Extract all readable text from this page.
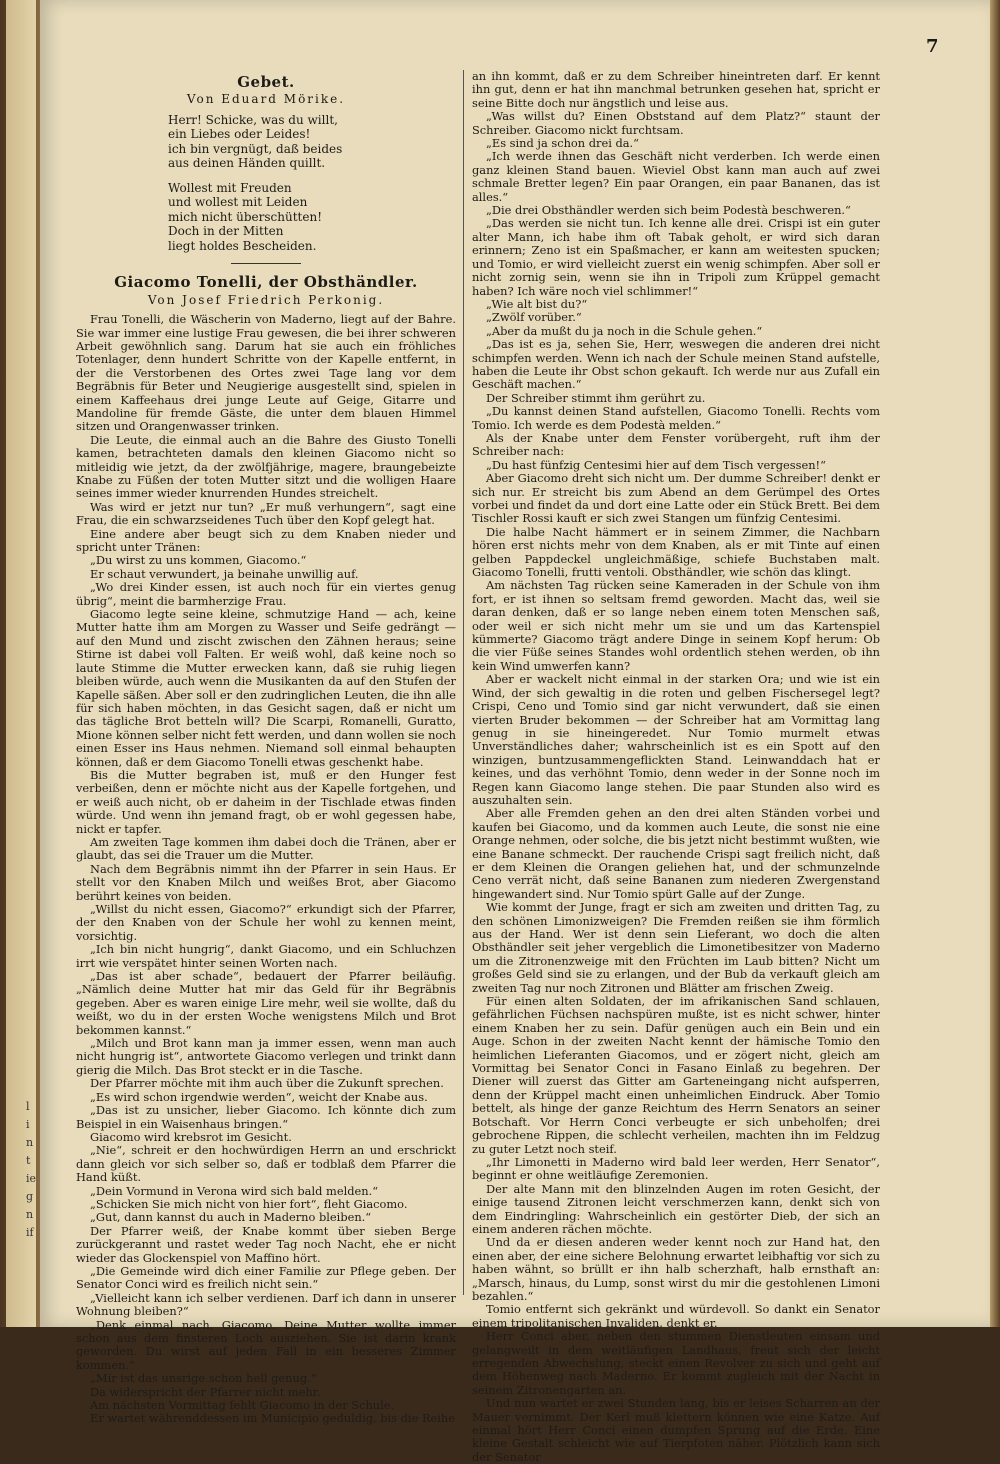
l
i
n
t
ie
g
n
if
7
Gebet.
Von Eduard Mörike.
Herr! Schicke, was du willt,
ein Liebes oder Leides!
ich bin vergnügt, daß beides
aus deinen Händen quillt.
Wollest mit Freuden
und wollest mit Leiden
mich nicht überschütten!
Doch in der Mitten
liegt holdes Bescheiden.
Giacomo Tonelli, der Obsthändler.
Von Josef Friedrich Perkonig.

Frau Tonelli, die Wäscherin von Maderno, liegt auf der Bahre. Sie war immer eine lustige Frau gewesen, die bei ihrer schweren Arbeit gewöhnlich sang. Darum hat sie auch ein fröhliches Totenlager, denn hundert Schritte von der Kapelle entfernt, in der die Verstorbenen des Ortes zwei Tage lang vor dem Begräbnis für Beter und Neugierige ausgestellt sind, spielen in einem Kaffeehaus drei junge Leute auf Geige, Gitarre und Mandoline für fremde Gäste, die unter dem blauen Himmel sitzen und Orangenwasser trinken.

Die Leute, die einmal auch an die Bahre des Giusto Tonelli kamen, betrachteten damals den kleinen Giacomo nicht so mitleidig wie jetzt, da der zwölfjährige, magere, braungebeizte Knabe zu Füßen der toten Mutter sitzt und die wolligen Haare seines immer wieder knurrenden Hundes streichelt.

Was wird er jetzt nur tun? „Er muß verhungern“, sagt eine Frau, die ein schwarzseidenes Tuch über den Kopf gelegt hat.

Eine andere aber beugt sich zu dem Knaben nieder und spricht unter Tränen:

„Du wirst zu uns kommen, Giacomo.“

Er schaut verwundert, ja beinahe unwillig auf.

„Wo drei Kinder essen, ist auch noch für ein viertes genug übrig“, meint die barmherzige Frau.

Giacomo legte seine kleine, schmutzige Hand — ach, keine Mutter hatte ihm am Morgen zu Wasser und Seife gedrängt — auf den Mund und zischt zwischen den Zähnen heraus; seine Stirne ist dabei voll Falten. Er weiß wohl, daß keine noch so laute Stimme die Mutter erwecken kann, daß sie ruhig liegen bleiben würde, auch wenn die Musikanten da auf den Stufen der Kapelle säßen. Aber soll er den zudringlichen Leuten, die ihn alle für sich haben möchten, in das Gesicht sagen, daß er nicht um das tägliche Brot betteln will? Die Scarpi, Romanelli, Guratto, Mione können selber nicht fett werden, und dann wollen sie noch einen Esser ins Haus nehmen. Niemand soll einmal behaupten können, daß er dem Giacomo Tonelli etwas geschenkt habe.

Bis die Mutter begraben ist, muß er den Hunger fest verbeißen, denn er möchte nicht aus der Kapelle fortgehen, und er weiß auch nicht, ob er daheim in der Tischlade etwas finden würde. Und wenn ihn jemand fragt, ob er wohl gegessen habe, nickt er tapfer.

Am zweiten Tage kommen ihm dabei doch die Tränen, aber er glaubt, das sei die Trauer um die Mutter.

Nach dem Begräbnis nimmt ihn der Pfarrer in sein Haus. Er stellt vor den Knaben Milch und weißes Brot, aber Giacomo berührt keines von beiden.

„Willst du nicht essen, Giacomo?“ erkundigt sich der Pfarrer, der den Knaben von der Schule her wohl zu kennen meint, vorsichtig.

„Ich bin nicht hungrig“, dankt Giacomo, und ein Schluchzen irrt wie verspätet hinter seinen Worten nach.

„Das ist aber schade“, bedauert der Pfarrer beiläufig. „Nämlich deine Mutter hat mir das Geld für ihr Begräbnis gegeben. Aber es waren einige Lire mehr, weil sie wollte, daß du weißt, wo du in der ersten Woche wenigstens Milch und Brot bekommen kannst.“

„Milch und Brot kann man ja immer essen, wenn man auch nicht hungrig ist“, antwortete Giacomo verlegen und trinkt dann gierig die Milch. Das Brot steckt er in die Tasche.

Der Pfarrer möchte mit ihm auch über die Zukunft sprechen.

„Es wird schon irgendwie werden“, weicht der Knabe aus.

„Das ist zu unsicher, lieber Giacomo. Ich könnte dich zum Beispiel in ein Waisenhaus bringen.“

Giacomo wird krebsrot im Gesicht.

„Nie“, schreit er den hochwürdigen Herrn an und erschrickt dann gleich vor sich selber so, daß er todblaß dem Pfarrer die Hand küßt.

„Dein Vormund in Verona wird sich bald melden.“

„Schicken Sie mich nicht von hier fort“, fleht Giacomo.

„Gut, dann kannst du auch in Maderno bleiben.“

Der Pfarrer weiß, der Knabe kommt über sieben Berge zurückgerannt und rastet weder Tag noch Nacht, ehe er nicht wieder das Glockenspiel von Maffino hört.

„Die Gemeinde wird dich einer Familie zur Pflege geben. Der Senator Conci wird es freilich nicht sein.“

„Vielleicht kann ich selber verdienen. Darf ich dann in unserer Wohnung bleiben?“

„Denk einmal nach, Giacomo. Deine Mutter wollte immer schon aus dem finsteren Loch ausziehen. Sie ist darin krank geworden. Du wirst auf jeden Fall in ein besseres Zimmer kommen.“

„Mir ist das unsrige schon hell genug.“

Da widerspricht der Pfarrer nicht mehr.

Am nächsten Vormittag fehlt Giacomo in der Schule.

Er wartet währenddessen im Municipio geduldig, bis die Reihe

an ihn kommt, daß er zu dem Schreiber hineintreten darf. Er kennt ihn gut, denn er hat ihn manchmal betrunken gesehen hat, spricht er seine Bitte doch nur ängstlich und leise aus.

„Was willst du? Einen Obststand auf dem Platz?“ staunt der Schreiber. Giacomo nickt furchtsam.

„Es sind ja schon drei da.“

„Ich werde ihnen das Geschäft nicht verderben. Ich werde einen ganz kleinen Stand bauen. Wieviel Obst kann man auch auf zwei schmale Bretter legen? Ein paar Orangen, ein paar Bananen, das ist alles.“

„Die drei Obsthändler werden sich beim Podestà beschweren.“

„Das werden sie nicht tun. Ich kenne alle drei. Crispi ist ein guter alter Mann, ich habe ihm oft Tabak geholt, er wird sich daran erinnern; Zeno ist ein Spaßmacher, er kann am weitesten spucken; und Tomio, er wird vielleicht zuerst ein wenig schimpfen. Aber soll er nicht zornig sein, wenn sie ihn in Tripoli zum Krüppel gemacht haben? Ich wäre noch viel schlimmer!“

„Wie alt bist du?“

„Zwölf vorüber.“

„Aber da mußt du ja noch in die Schule gehen.“

„Das ist es ja, sehen Sie, Herr, weswegen die anderen drei nicht schimpfen werden. Wenn ich nach der Schule meinen Stand aufstelle, haben die Leute ihr Obst schon gekauft. Ich werde nur aus Zufall ein Geschäft machen.“

Der Schreiber stimmt ihm gerührt zu.

„Du kannst deinen Stand aufstellen, Giacomo Tonelli. Rechts vom Tomio. Ich werde es dem Podestà melden.“

Als der Knabe unter dem Fenster vorübergeht, ruft ihm der Schreiber nach:

„Du hast fünfzig Centesimi hier auf dem Tisch vergessen!“

Aber Giacomo dreht sich nicht um. Der dumme Schreiber! denkt er sich nur. Er streicht bis zum Abend an dem Gerümpel des Ortes vorbei und findet da und dort eine Latte oder ein Stück Brett. Bei dem Tischler Rossi kauft er sich zwei Stangen um fünfzig Centesimi.

Die halbe Nacht hämmert er in seinem Zimmer, die Nachbarn hören erst nichts mehr von dem Knaben, als er mit Tinte auf einen gelben Pappdeckel ungleichmäßige, schiefe Buchstaben malt. Giacomo Tonelli, frutti ventoli. Obsthändler, wie schön das klingt.

Am nächsten Tag rücken seine Kameraden in der Schule von ihm fort, er ist ihnen so seltsam fremd geworden. Macht das, weil sie daran denken, daß er so lange neben einem toten Menschen saß, oder weil er sich nicht mehr um sie und um das Kartenspiel kümmerte? Giacomo trägt andere Dinge in seinem Kopf herum: Ob die vier Füße seines Standes wohl ordentlich stehen werden, ob ihn kein Wind umwerfen kann?

Aber er wackelt nicht einmal in der starken Ora; und wie ist ein Wind, der sich gewaltig in die roten und gelben Fischersegel legt? Crispi, Ceno und Tomio sind gar nicht verwundert, daß sie einen vierten Bruder bekommen — der Schreiber hat am Vormittag lang genug in sie hineingeredet. Nur Tomio murmelt etwas Unverständliches daher; wahrscheinlich ist es ein Spott auf den winzigen, buntzusammengeflickten Stand. Leinwanddach hat er keines, und das verhöhnt Tomio, denn weder in der Sonne noch im Regen kann Giacomo lange stehen. Die paar Stunden also wird es auszuhalten sein.

Aber alle Fremden gehen an den drei alten Ständen vorbei und kaufen bei Giacomo, und da kommen auch Leute, die sonst nie eine Orange nehmen, oder solche, die bis jetzt nicht bestimmt wußten, wie eine Banane schmeckt. Der rauchende Crispi sagt freilich nicht, daß er dem Kleinen die Orangen geliehen hat, und der schmunzelnde Ceno verrät nicht, daß seine Bananen zum niederen Zwergenstand hingewandert sind. Nur Tomio spürt Galle auf der Zunge.

Wie kommt der Junge, fragt er sich am zweiten und dritten Tag, zu den schönen Limonizweigen? Die Fremden reißen sie ihm förmlich aus der Hand. Wer ist denn sein Lieferant, wo doch die alten Obsthändler seit jeher vergeblich die Limonetibesitzer von Maderno um die Zitronenzweige mit den Früchten im Laub bitten? Nicht um großes Geld sind sie zu erlangen, und der Bub da verkauft gleich am zweiten Tag nur noch Zitronen und Blätter am frischen Zweig.

Für einen alten Soldaten, der im afrikanischen Sand schlauen, gefährlichen Füchsen nachspüren mußte, ist es nicht schwer, hinter einem Knaben her zu sein. Dafür genügen auch ein Bein und ein Auge. Schon in der zweiten Nacht kennt der hämische Tomio den heimlichen Lieferanten Giacomos, und er zögert nicht, gleich am Vormittag bei Senator Conci in Fasano Einlaß zu begehren. Der Diener will zuerst das Gitter am Garteneingang nicht aufsperren, denn der Krüppel macht einen unheimlichen Eindruck. Aber Tomio bettelt, als hinge der ganze Reichtum des Herrn Senators an seiner Botschaft. Vor Herrn Conci verbeugte er sich unbeholfen; drei gebrochene Rippen, die schlecht verheilen, machten ihn im Feldzug zu guter Letzt noch steif.

„Ihr Limonetti in Maderno wird bald leer werden, Herr Senator“, beginnt er ohne weitläufige Zeremonien.

Der alte Mann mit den blinzelnden Augen im roten Gesicht, der einige tausend Zitronen leicht verschmerzen kann, denkt sich von dem Eindringling: Wahrscheinlich ein gestörter Dieb, der sich an einem anderen rächen möchte.

Und da er diesen anderen weder kennt noch zur Hand hat, den einen aber, der eine sichere Belohnung erwartet leibhaftig vor sich zu haben wähnt, so brüllt er ihn halb scherzhaft, halb ernsthaft an: „Marsch, hinaus, du Lump, sonst wirst du mir die gestohlenen Limoni bezahlen.“

Tomio entfernt sich gekränkt und würdevoll. So dankt ein Senator einem tripolitanischen Invaliden, denkt er.

Herr Conci aber, neben den stummen Dienstleuten einsam und gelangweilt in dem weitläufigen Landhaus, freut sich der leicht erregenden Abwechslung, steckt einen Revolver zu sich und geht auf dem Höhenweg nach Maderno. Er kommt zugleich mit der Nacht in seinem Zitronengarten an.

Und nun wartet er zwei Stunden lang, bis er leises Scharren an der Mauer vernimmt. Der Kerl muß klettern können wie eine Katze. Auf einmal hört Herr Conci einen dumpfen Sprung auf die Erde. Eine kleine Gestalt schleicht wie auf Tierpfoten näher. Plötzlich kann sich der Senator
